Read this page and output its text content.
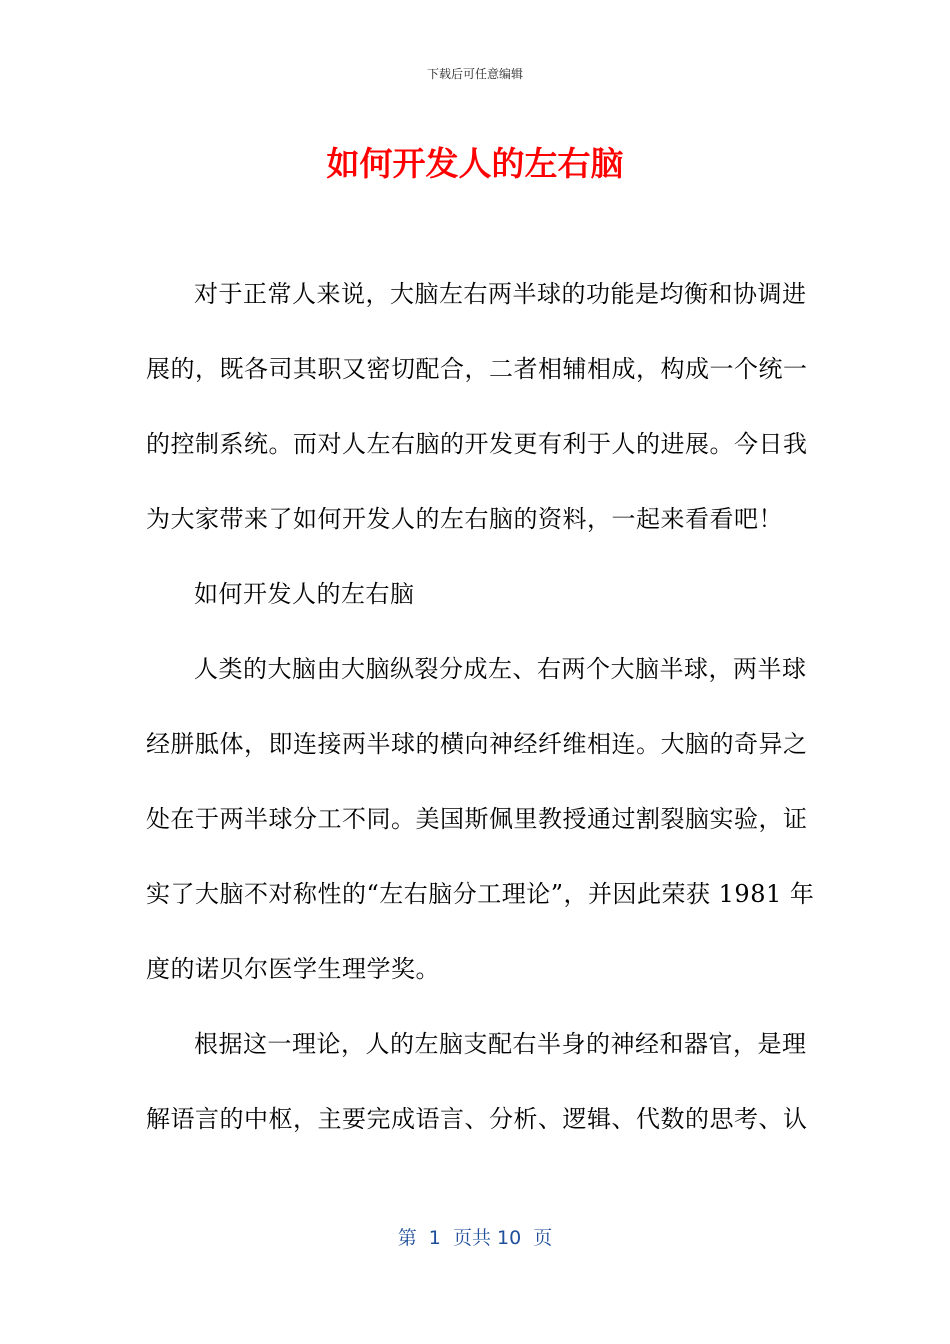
下载后可任意编辑
如何开发人的左右脑
对于正常人来说，大脑左右两半球的功能是均衡和协调进
展的，既各司其职又密切配合，二者相辅相成，构成一个统一
的控制系统。而对人左右脑的开发更有利于人的进展。今日我
为大家带来了如何开发人的左右脑的资料，一起来看看吧！
如何开发人的左右脑
人类的大脑由大脑纵裂分成左、右两个大脑半球，两半球
经胼胝体，即连接两半球的横向神经纤维相连。大脑的奇异之
处在于两半球分工不同。美国斯佩里教授通过割裂脑实验，证
实了大脑不对称性的“左右脑分工理论”，并因此荣获 1981 年
度的诺贝尔医学生理学奖。
根据这一理论，人的左脑支配右半身的神经和器官，是理
解语言的中枢，主要完成语言、分析、逻辑、代数的思考、认
第  1  页共 10  页
